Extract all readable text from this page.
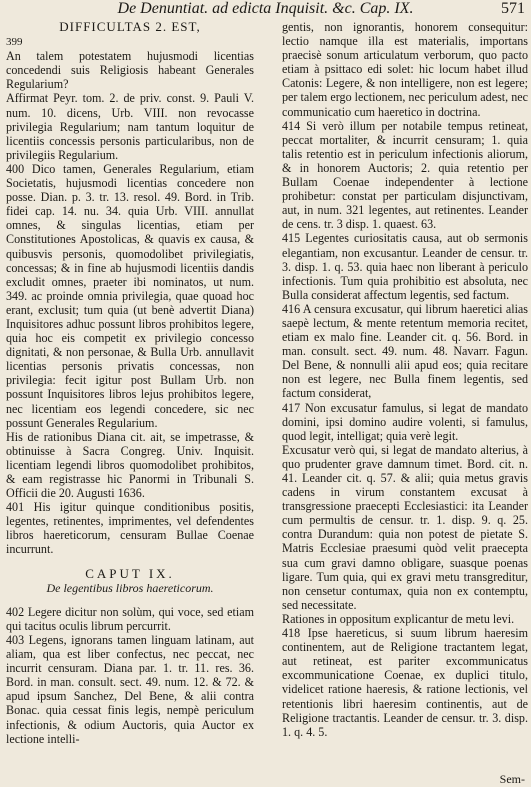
De Denuntiat. ad edicta Inquisit. &c. Cap. IX.	571

DIFFICULTAS 2. EST,

399

An talem potestatem hujusmodi licentias concedendi suis Religiosis habeant Generales Regularium?

Affirmat Peyr. tom. 2. de priv. const. 9. Pauli V. num. 10. dicens, Urb. VIII. non revocasse privilegia Regularium; nam tantum loquitur de licentiis concessis personis particularibus, non de privilegiis Regularium.

400 Dico tamen, Generales Regularium, etiam Societatis, hujusmodi licentias concedere non posse. Dian. p. 3. tr. 13. resol. 49. Bord. in Trib. fidei cap. 14. nu. 34. quia Urb. VIII. annullat omnes, & singulas licentias, etiam per Constitutiones Apostolicas, & quavis ex causa, & quibusvis personis, quomodolibet privilegiatis, concessas; & in fine ab hujusmodi licentiis dandis excludit omnes, praeter ibi nominatos, ut num. 349. ac proinde omnia privilegia, quae quoad hoc erant, exclusit; tum quia (ut benè advertit Diana) Inquisitores adhuc possunt libros prohibitos legere, quia hoc eis competit ex privilegio concesso dignitati, & non personae, & Bulla Urb. annullavit licentias personis privatis concessas, non privilegia: fecit igitur post Bullam Urb. non possunt Inquisitores libros lejus prohibitos legere, nec licentiam eos legendi concedere, sic nec possunt Generales Regularium.

His de rationibus Diana cit. ait, se impetrasse, & obtinuisse à Sacra Congreg. Univ. Inquisit. licentiam legendi libros quomodolibet prohibitos, & eam registrasse hic Panormi in Tribunali S. Officii die 20. Augusti 1636.

401 His igitur quinque conditionibus positis, legentes, retinentes, imprimentes, vel defendentes libros haereticorum, censuram Bullae Coenae incurrunt.

CAPUT IX.

De legentibus libros haereticorum.

402 Legere dicitur non solùm, qui voce, sed etiam qui tacitus oculis librum percurrit.

403 Legens, ignorans tamen linguam latinam, aut aliam, qua est liber confectus, nec peccat, nec incurrit censuram. Diana par. 1. tr. 11. res. 36. Bord. in man. consult. sect. 49. num. 12. & 72. & apud ipsum Sanchez, Del Bene, & alii contra Bonac. quia cessat finis legis, nempè periculum infectionis, & odium Auctoris, quia Auctor ex lectione intelli-

gentis, non ignorantis, honorem consequitur: lectio namque illa est materialis, importans praecisè sonum articulatum verborum, quo pacto etiam à psittaco edi solet: hic locum habet illud Catonis: Legere, & non intelligere, non est legere; per talem ergo lectionem, nec periculum adest, nec communicatio cum haeretico in doctrina.

414 Si verò illum per notabile tempus retineat, peccat mortaliter, & incurrit censuram; 1. quia talis retentio est in periculum infectionis aliorum, & in honorem Auctoris; 2. quia retentio per Bullam Coenae independenter à lectione prohibetur: constat per particulam disjunctivam, aut, in num. 321 legentes, aut retinentes. Leander de cens. tr. 3 disp. 1. quaest. 63.

415 Legentes curiositatis causa, aut ob sermonis elegantiam, non excusantur. Leander de censur. tr. 3. disp. 1. q. 53. quia haec non liberant à periculo infectionis. Tum quia prohibitio est absoluta, nec Bulla considerat affectum legentis, sed factum.

416 A censura excusatur, qui librum haeretici alias saepè lectum, & mente retentum memoria recitet, etiam ex malo fine. Leander cit. q. 56. Bord. in man. consult. sect. 49. num. 48. Navarr. Fagun. Del Bene, & nonnulli alii apud eos; quia recitare non est legere, nec Bulla finem legentis, sed factum considerat,

417 Non excusatur famulus, si legat de mandato domini, ipsi domino audire volenti, si famulus, quod legit, intelligat; quia verè legit.

Excusatur verò qui, si legat de mandato alterius, à quo prudenter grave damnum timet. Bord. cit. n. 41. Leander cit. q. 57. & alii; quia metus gravis cadens in virum constantem excusat à transgressione praecepti Ecclesiastici: ita Leander cum permultis de censur. tr. 1. disp. 9. q. 25. contra Durandum: quia non potest de pietate S. Matris Ecclesiae praesumi quòd velit praecepta sua cum gravi damno obligare, suasque poenas ligare. Tum quia, qui ex gravi metu transgreditur, non censetur contumax, quia non ex contemptu, sed necessitate.

Rationes in oppositum explicantur de metu levi.

418 Ipse haereticus, si suum librum haeresim continentem, aut de Religione tractantem legat, aut retineat, est pariter excommunicatus excommunicatione Coenae, ex duplici titulo, videlicet ratione haeresis, & ratione lectionis, vel retentionis libri haeresim continentis, aut de Religione tractantis. Leander de censur. tr. 3. disp. 1. q. 4. 5.

Sem-
